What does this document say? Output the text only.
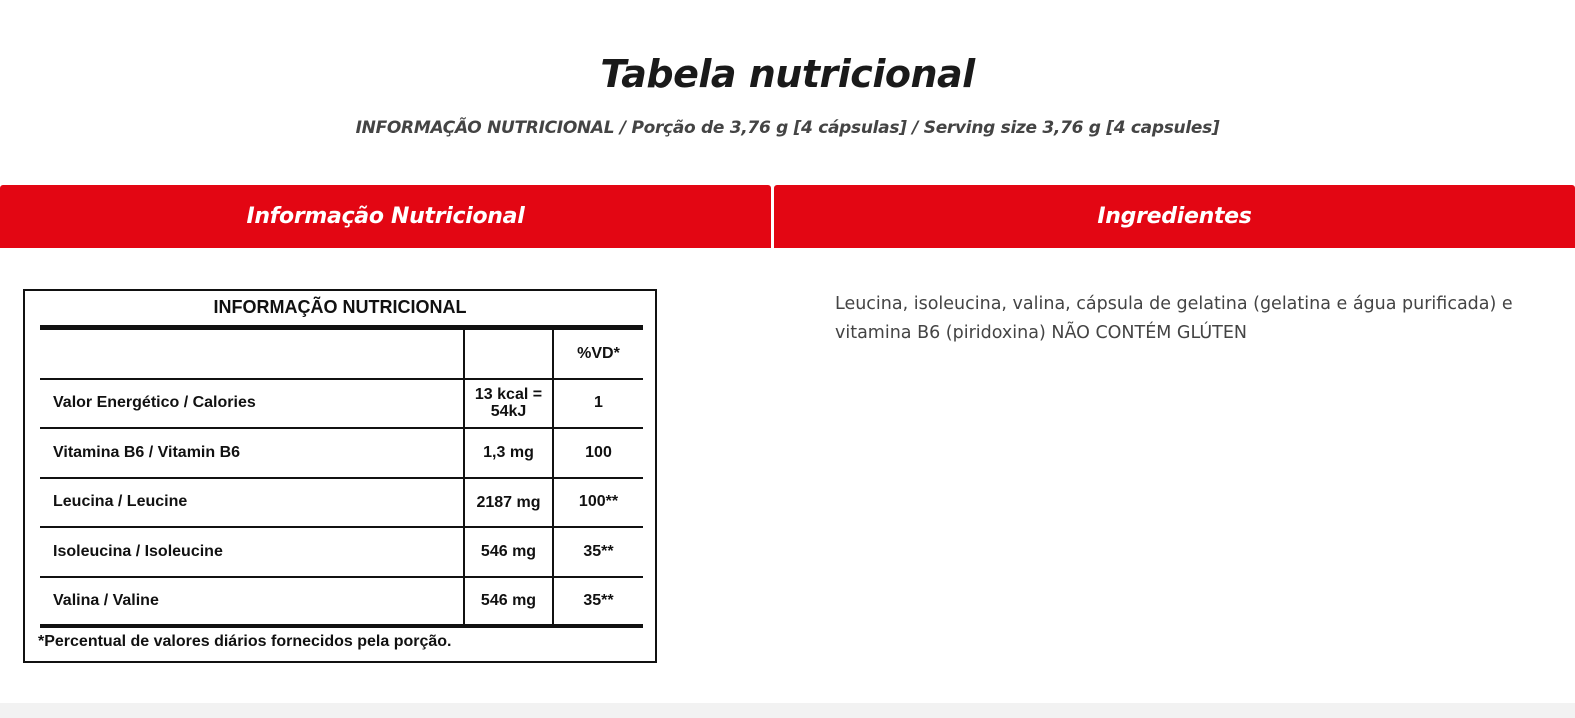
Tabela nutricional
INFORMAÇÃO NUTRICIONAL / Porção de 3,76 g [4 cápsulas] / Serving size 3,76 g [4 capsules]
Informação Nutricional	Ingredientes
INFORMAÇÃO NUTRICIONAL
		%VD*
Valor Energético / Calories	13 kcal = 54kJ	1
Vitamina B6 / Vitamin B6	1,3 mg	100
Leucina / Leucine	2187 mg	100**
Isoleucina / Isoleucine	546 mg	35**
Valina / Valine	546 mg	35**
*Percentual de valores diários fornecidos pela porção.
Leucina, isoleucina, valina, cápsula de gelatina (gelatina e água purificada) e vitamina B6 (piridoxina) NÃO CONTÉM GLÚTEN
